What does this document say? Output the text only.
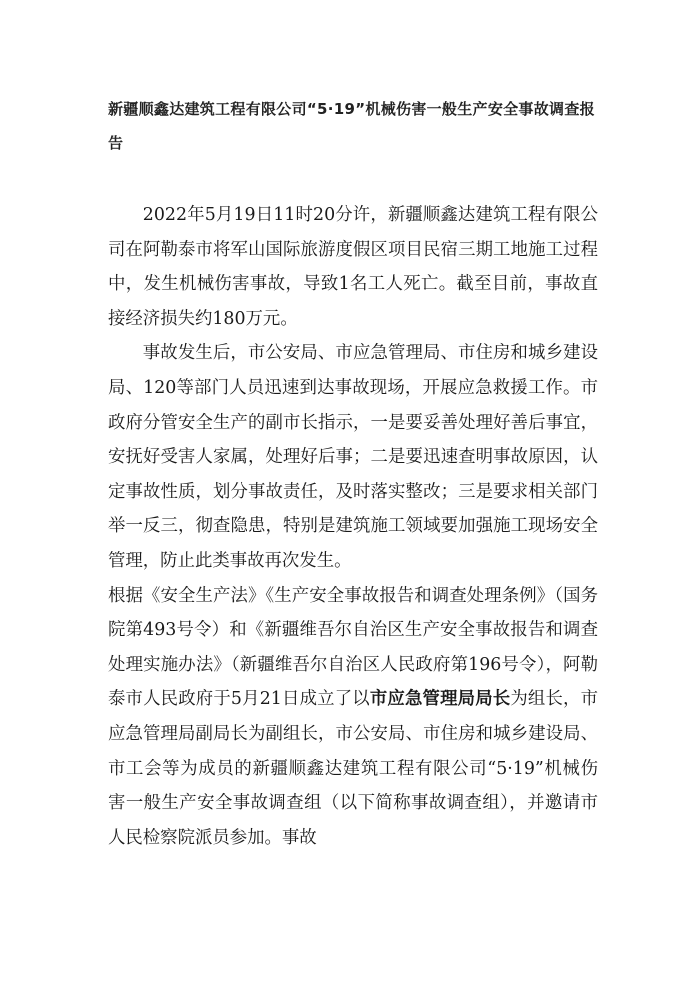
新疆顺鑫达建筑工程有限公司“5·19”机械伤害一般生产安全事故调查报告

2022年5月19日11时20分许，新疆顺鑫达建筑工程有限公司在阿勒泰市将军山国际旅游度假区项目民宿三期工地施工过程中，发生机械伤害事故，导致1名工人死亡。截至目前，事故直接经济损失约180万元。

事故发生后，市公安局、市应急管理局、市住房和城乡建设局、120等部门人员迅速到达事故现场，开展应急救援工作。市政府分管安全生产的副市长指示，一是要妥善处理好善后事宜，安抚好受害人家属，处理好后事；二是要迅速查明事故原因，认定事故性质，划分事故责任，及时落实整改；三是要求相关部门举一反三，彻查隐患，特别是建筑施工领域要加强施工现场安全管理，防止此类事故再次发生。

根据《安全生产法》《生产安全事故报告和调查处理条例》（国务院第493号令）和《新疆维吾尔自治区生产安全事故报告和调查处理实施办法》（新疆维吾尔自治区人民政府第196号令），阿勒泰市人民政府于5月21日成立了以市应急管理局局长为组长，市应急管理局副局长为副组长，市公安局、市住房和城乡建设局、市工会等为成员的新疆顺鑫达建筑工程有限公司“5·19”机械伤害一般生产安全事故调查组（以下简称事故调查组），并邀请市人民检察院派员参加。事故
